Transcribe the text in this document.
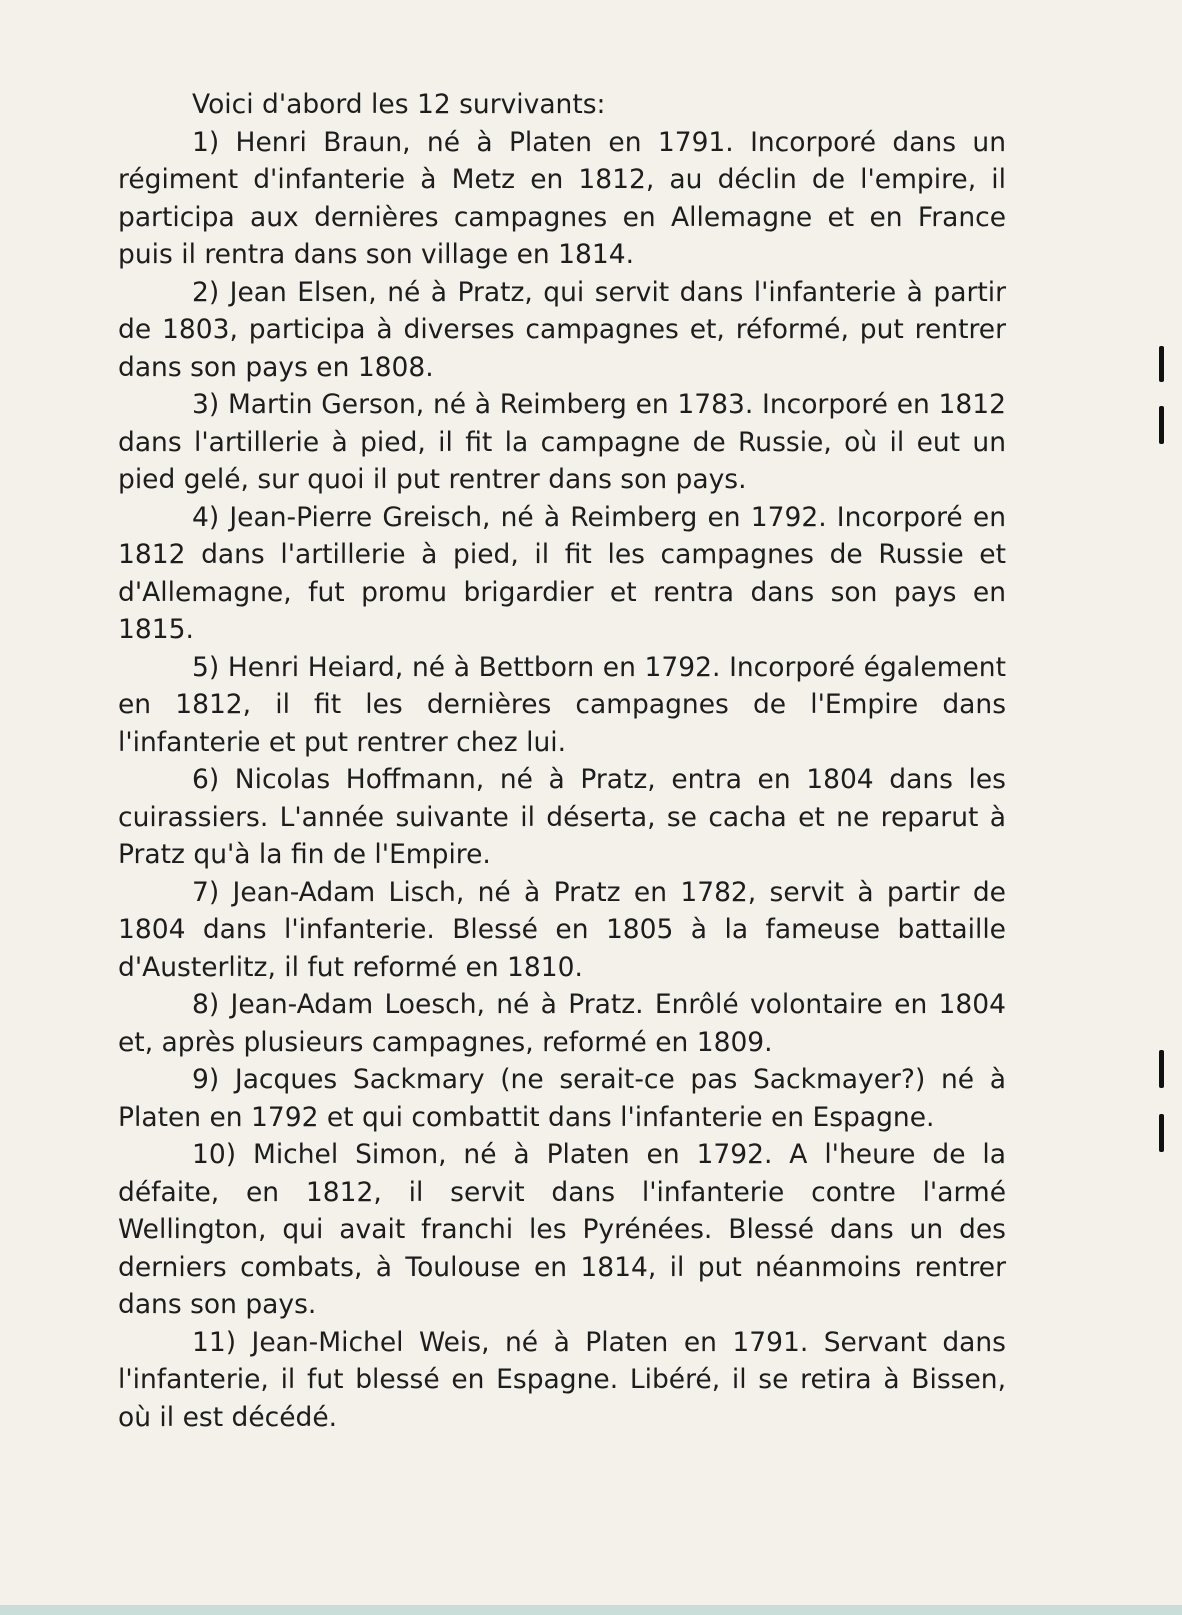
Voici d'abord les 12 survivants:

1) Henri Braun, né à Platen en 1791. Incorporé dans un régiment d'infanterie à Metz en 1812, au déclin de l'empire, il participa aux dernières campagnes en Allemagne et en France puis il rentra dans son village en 1814.

2) Jean Elsen, né à Pratz, qui servit dans l'infanterie à partir de 1803, participa à diverses campagnes et, réformé, put rentrer dans son pays en 1808.

3) Martin Gerson, né à Reimberg en 1783. Incorporé en 1812 dans l'artillerie à pied, il fit la campagne de Russie, où il eut un pied gelé, sur quoi il put rentrer dans son pays.

4) Jean-Pierre Greisch, né à Reimberg en 1792. Incorporé en 1812 dans l'artillerie à pied, il fit les campagnes de Russie et d'Allemagne, fut promu brigardier et rentra dans son pays en 1815.

5) Henri Heiard, né à Bettborn en 1792. Incorporé également en 1812, il fit les dernières campagnes de l'Empire dans l'infanterie et put rentrer chez lui.

6) Nicolas Hoffmann, né à Pratz, entra en 1804 dans les cuirassiers. L'année suivante il déserta, se cacha et ne reparut à Pratz qu'à la fin de l'Empire.

7) Jean-Adam Lisch, né à Pratz en 1782, servit à partir de 1804 dans l'infanterie. Blessé en 1805 à la fameuse battaille d'Austerlitz, il fut reformé en 1810.

8) Jean-Adam Loesch, né à Pratz. Enrôlé volontaire en 1804 et, après plusieurs campagnes, reformé en 1809.

9) Jacques Sackmary (ne serait-ce pas Sackmayer?) né à Platen en 1792 et qui combattit dans l'infanterie en Espagne.

10) Michel Simon, né à Platen en 1792. A l'heure de la défaite, en 1812, il servit dans l'infanterie contre l'armé Wellington, qui avait franchi les Pyrénées. Blessé dans un des derniers combats, à Toulouse en 1814, il put néanmoins rentrer dans son pays.

11) Jean-Michel Weis, né à Platen en 1791. Servant dans l'infanterie, il fut blessé en Espagne. Libéré, il se retira à Bissen, où il est décédé.
